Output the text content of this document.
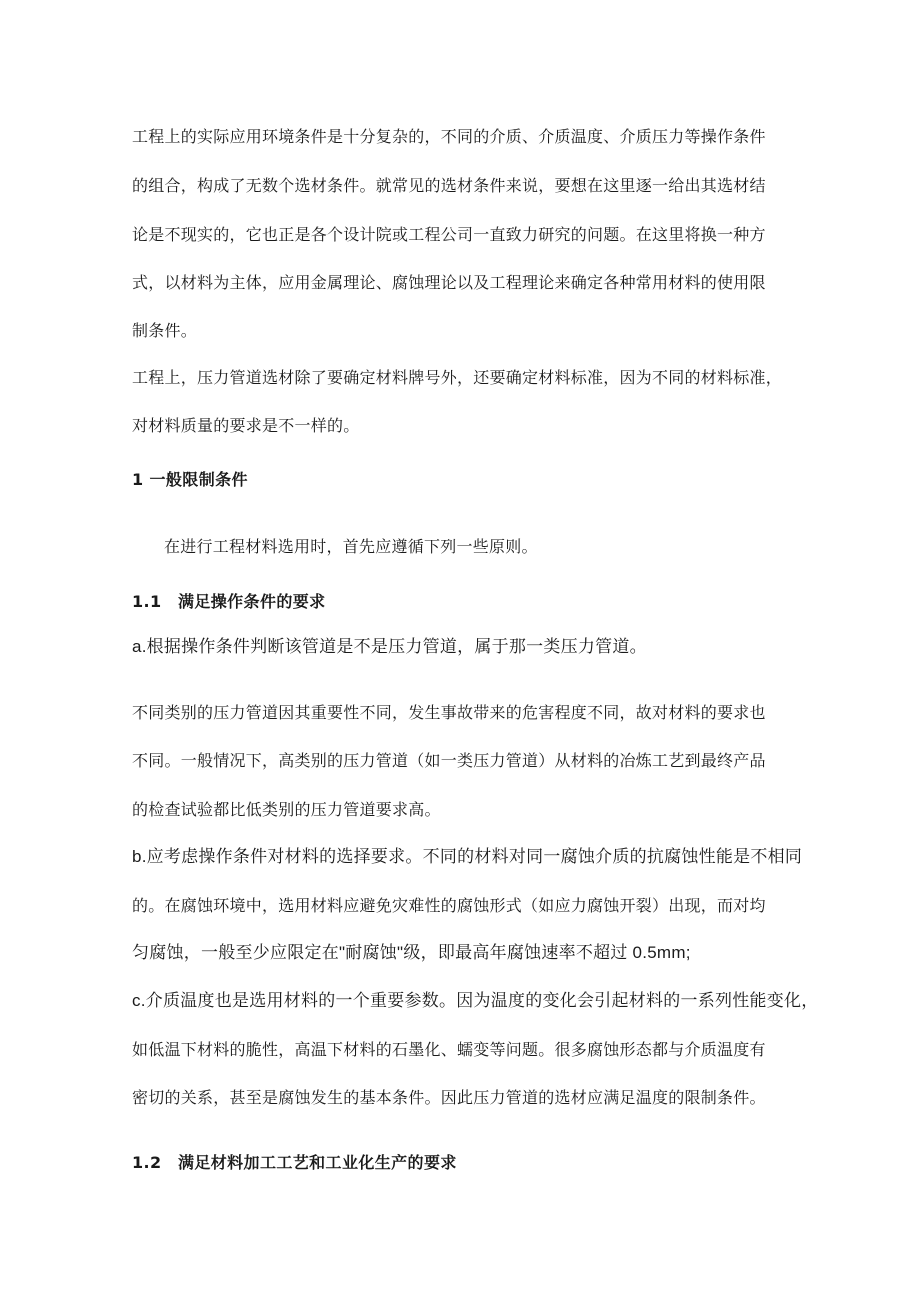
工程上的实际应用环境条件是十分复杂的，不同的介质、介质温度、介质压力等操作条件
的组合，构成了无数个选材条件。就常见的选材条件来说，要想在这里逐一给出其选材结
论是不现实的，它也正是各个设计院或工程公司一直致力研究的问题。在这里将换一种方
式，以材料为主体，应用金属理论、腐蚀理论以及工程理论来确定各种常用材料的使用限
制条件。
工程上，压力管道选材除了要确定材料牌号外，还要确定材料标准，因为不同的材料标准，
对材料质量的要求是不一样的。
1 一般限制条件
在进行工程材料选用时，首先应遵循下列一些原则。
1.1　满足操作条件的要求
a.根据操作条件判断该管道是不是压力管道，属于那一类压力管道。
不同类别的压力管道因其重要性不同，发生事故带来的危害程度不同，故对材料的要求也
不同。一般情况下，高类别的压力管道（如一类压力管道）从材料的冶炼工艺到最终产品
的检查试验都比低类别的压力管道要求高。
b.应考虑操作条件对材料的选择要求。不同的材料对同一腐蚀介质的抗腐蚀性能是不相同
的。在腐蚀环境中，选用材料应避免灾难性的腐蚀形式（如应力腐蚀开裂）出现，而对均
匀腐蚀，一般至少应限定在"耐腐蚀"级，即最高年腐蚀速率不超过 0.5mm;
c.介质温度也是选用材料的一个重要参数。因为温度的变化会引起材料的一系列性能变化，
如低温下材料的脆性，高温下材料的石墨化、蠕变等问题。很多腐蚀形态都与介质温度有
密切的关系，甚至是腐蚀发生的基本条件。因此压力管道的选材应满足温度的限制条件。
1.2　满足材料加工工艺和工业化生产的要求
